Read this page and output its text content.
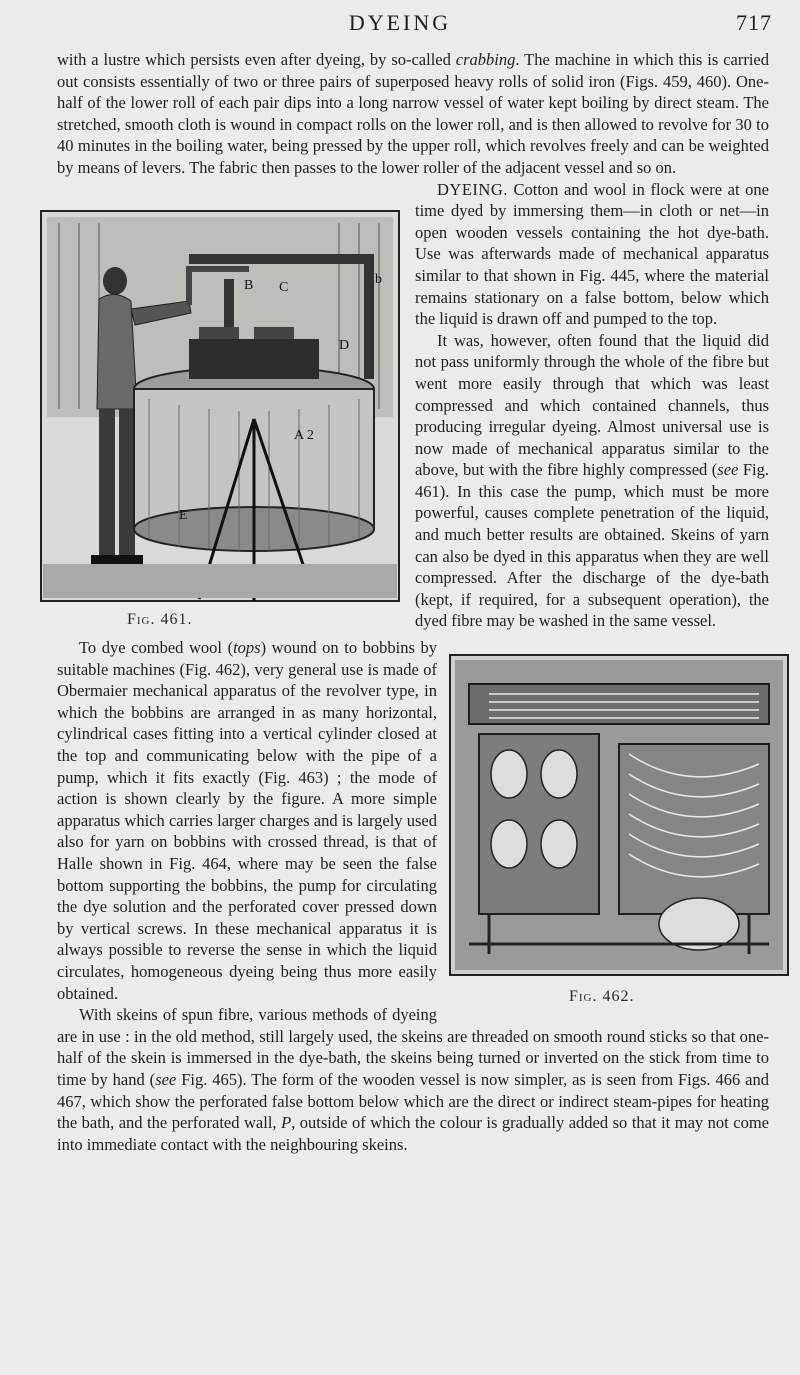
DYEING	717

with a lustre which persists even after dyeing, by so-called crabbing. The machine in which this is carried out consists essentially of two or three pairs of superposed heavy rolls of solid iron (Figs. 459, 460). One-half of the lower roll of each pair dips into a long narrow vessel of water kept boiling by direct steam. The stretched, smooth cloth is wound in compact rolls on the lower roll, and is then allowed to revolve for 30 to 40 minutes in the boiling water, being pressed by the upper roll, which revolves freely and can be weighted by means of levers. The fabric then passes to the lower roller of the adjacent vessel and so on.

B C
b
D
A 2
E
Fig. 461.

DYEING. Cotton and wool in flock were at one time dyed by immersing them—in cloth or net—in open wooden vessels containing the hot dye-bath. Use was afterwards made of mechanical apparatus similar to that shown in Fig. 445, where the material remains stationary on a false bottom, below which the liquid is drawn off and pumped to the top.

It was, however, often found that the liquid did not pass uniformly through the whole of the fibre but went more easily through that which was least compressed and which contained channels, thus producing irregular dyeing. Almost universal use is now made of mechanical apparatus similar to the above, but with the fibre highly compressed (see Fig. 461). In this case the pump, which must be more powerful, causes complete penetration of the liquid, and much better results are obtained. Skeins of yarn can also be dyed in this apparatus when they are well compressed. After the discharge of the dye-bath (kept, if required, for a subsequent operation), the dyed fibre may be washed in the same vessel.

Fig. 462.

To dye combed wool (tops) wound on to bobbins by suitable machines (Fig. 462), very general use is made of Obermaier mechanical apparatus of the revolver type, in which the bobbins are arranged in as many horizontal, cylindrical cases fitting into a vertical cylinder closed at the top and communicating below with the pipe of a pump, which it fits exactly (Fig. 463) ; the mode of action is shown clearly by the figure. A more simple apparatus which carries larger charges and is largely used also for yarn on bobbins with crossed thread, is that of Halle shown in Fig. 464, where may be seen the false bottom supporting the bobbins, the pump for circulating the dye solution and the perforated cover pressed down by vertical screws. In these mechanical apparatus it is always possible to reverse the sense in which the liquid circulates, homogeneous dyeing being thus more easily obtained.

With skeins of spun fibre, various methods of dyeing are in use : in the old method, still largely used, the skeins are threaded on smooth round sticks so that one-half of the skein is immersed in the dye-bath, the skeins being turned or inverted on the stick from time to time by hand (see Fig. 465). The form of the wooden vessel is now simpler, as is seen from Figs. 466 and 467, which show the perforated false bottom below which are the direct or indirect steam-pipes for heating the bath, and the perforated wall, P, outside of which the colour is gradually added so that it may not come into immediate contact with the neighbouring skeins.
